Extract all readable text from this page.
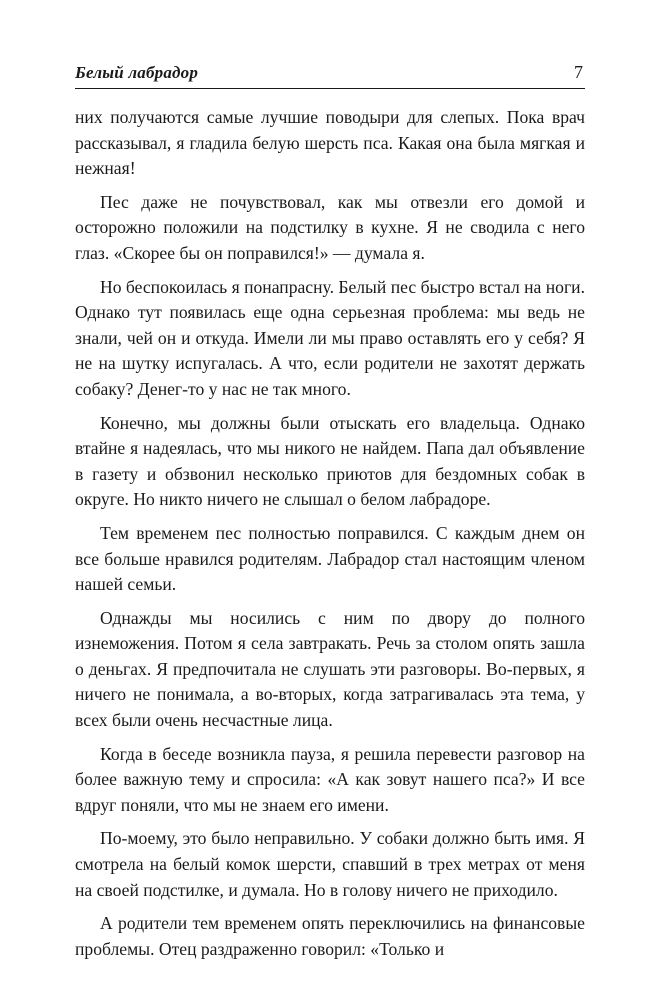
Белый лабрадор	7

них получаются самые лучшие поводыри для слепых. Пока врач рассказывал, я гладила белую шерсть пса. Какая она была мягкая и нежная!

Пес даже не почувствовал, как мы отвезли его домой и осторожно положили на подстилку в кухне. Я не сводила с него глаз. «Скорее бы он поправился!» — думала я.

Но беспокоилась я понапрасну. Белый пес быстро встал на ноги. Однако тут появилась еще одна серьезная проблема: мы ведь не знали, чей он и откуда. Имели ли мы право оставлять его у себя? Я не на шутку испугалась. А что, если родители не захотят держать собаку? Денег-то у нас не так много.

Конечно, мы должны были отыскать его владельца. Однако втайне я надеялась, что мы никого не найдем. Папа дал объявление в газету и обзвонил несколько приютов для бездомных собак в округе. Но никто ничего не слышал о белом лабрадоре.

Тем временем пес полностью поправился. С каждым днем он все больше нравился родителям. Лабрадор стал настоящим членом нашей семьи.

Однажды мы носились с ним по двору до полного изнеможения. Потом я села завтракать. Речь за столом опять зашла о деньгах. Я предпочитала не слушать эти разговоры. Во-первых, я ничего не понимала, а во-вторых, когда затрагивалась эта тема, у всех были очень несчастные лица.

Когда в беседе возникла пауза, я решила перевести разговор на более важную тему и спросила: «А как зовут нашего пса?» И все вдруг поняли, что мы не знаем его имени.

По-моему, это было неправильно. У собаки должно быть имя. Я смотрела на белый комок шерсти, спавший в трех метрах от меня на своей подстилке, и думала. Но в голову ничего не приходило.

А родители тем временем опять переключились на финансовые проблемы. Отец раздраженно говорил: «Только и
